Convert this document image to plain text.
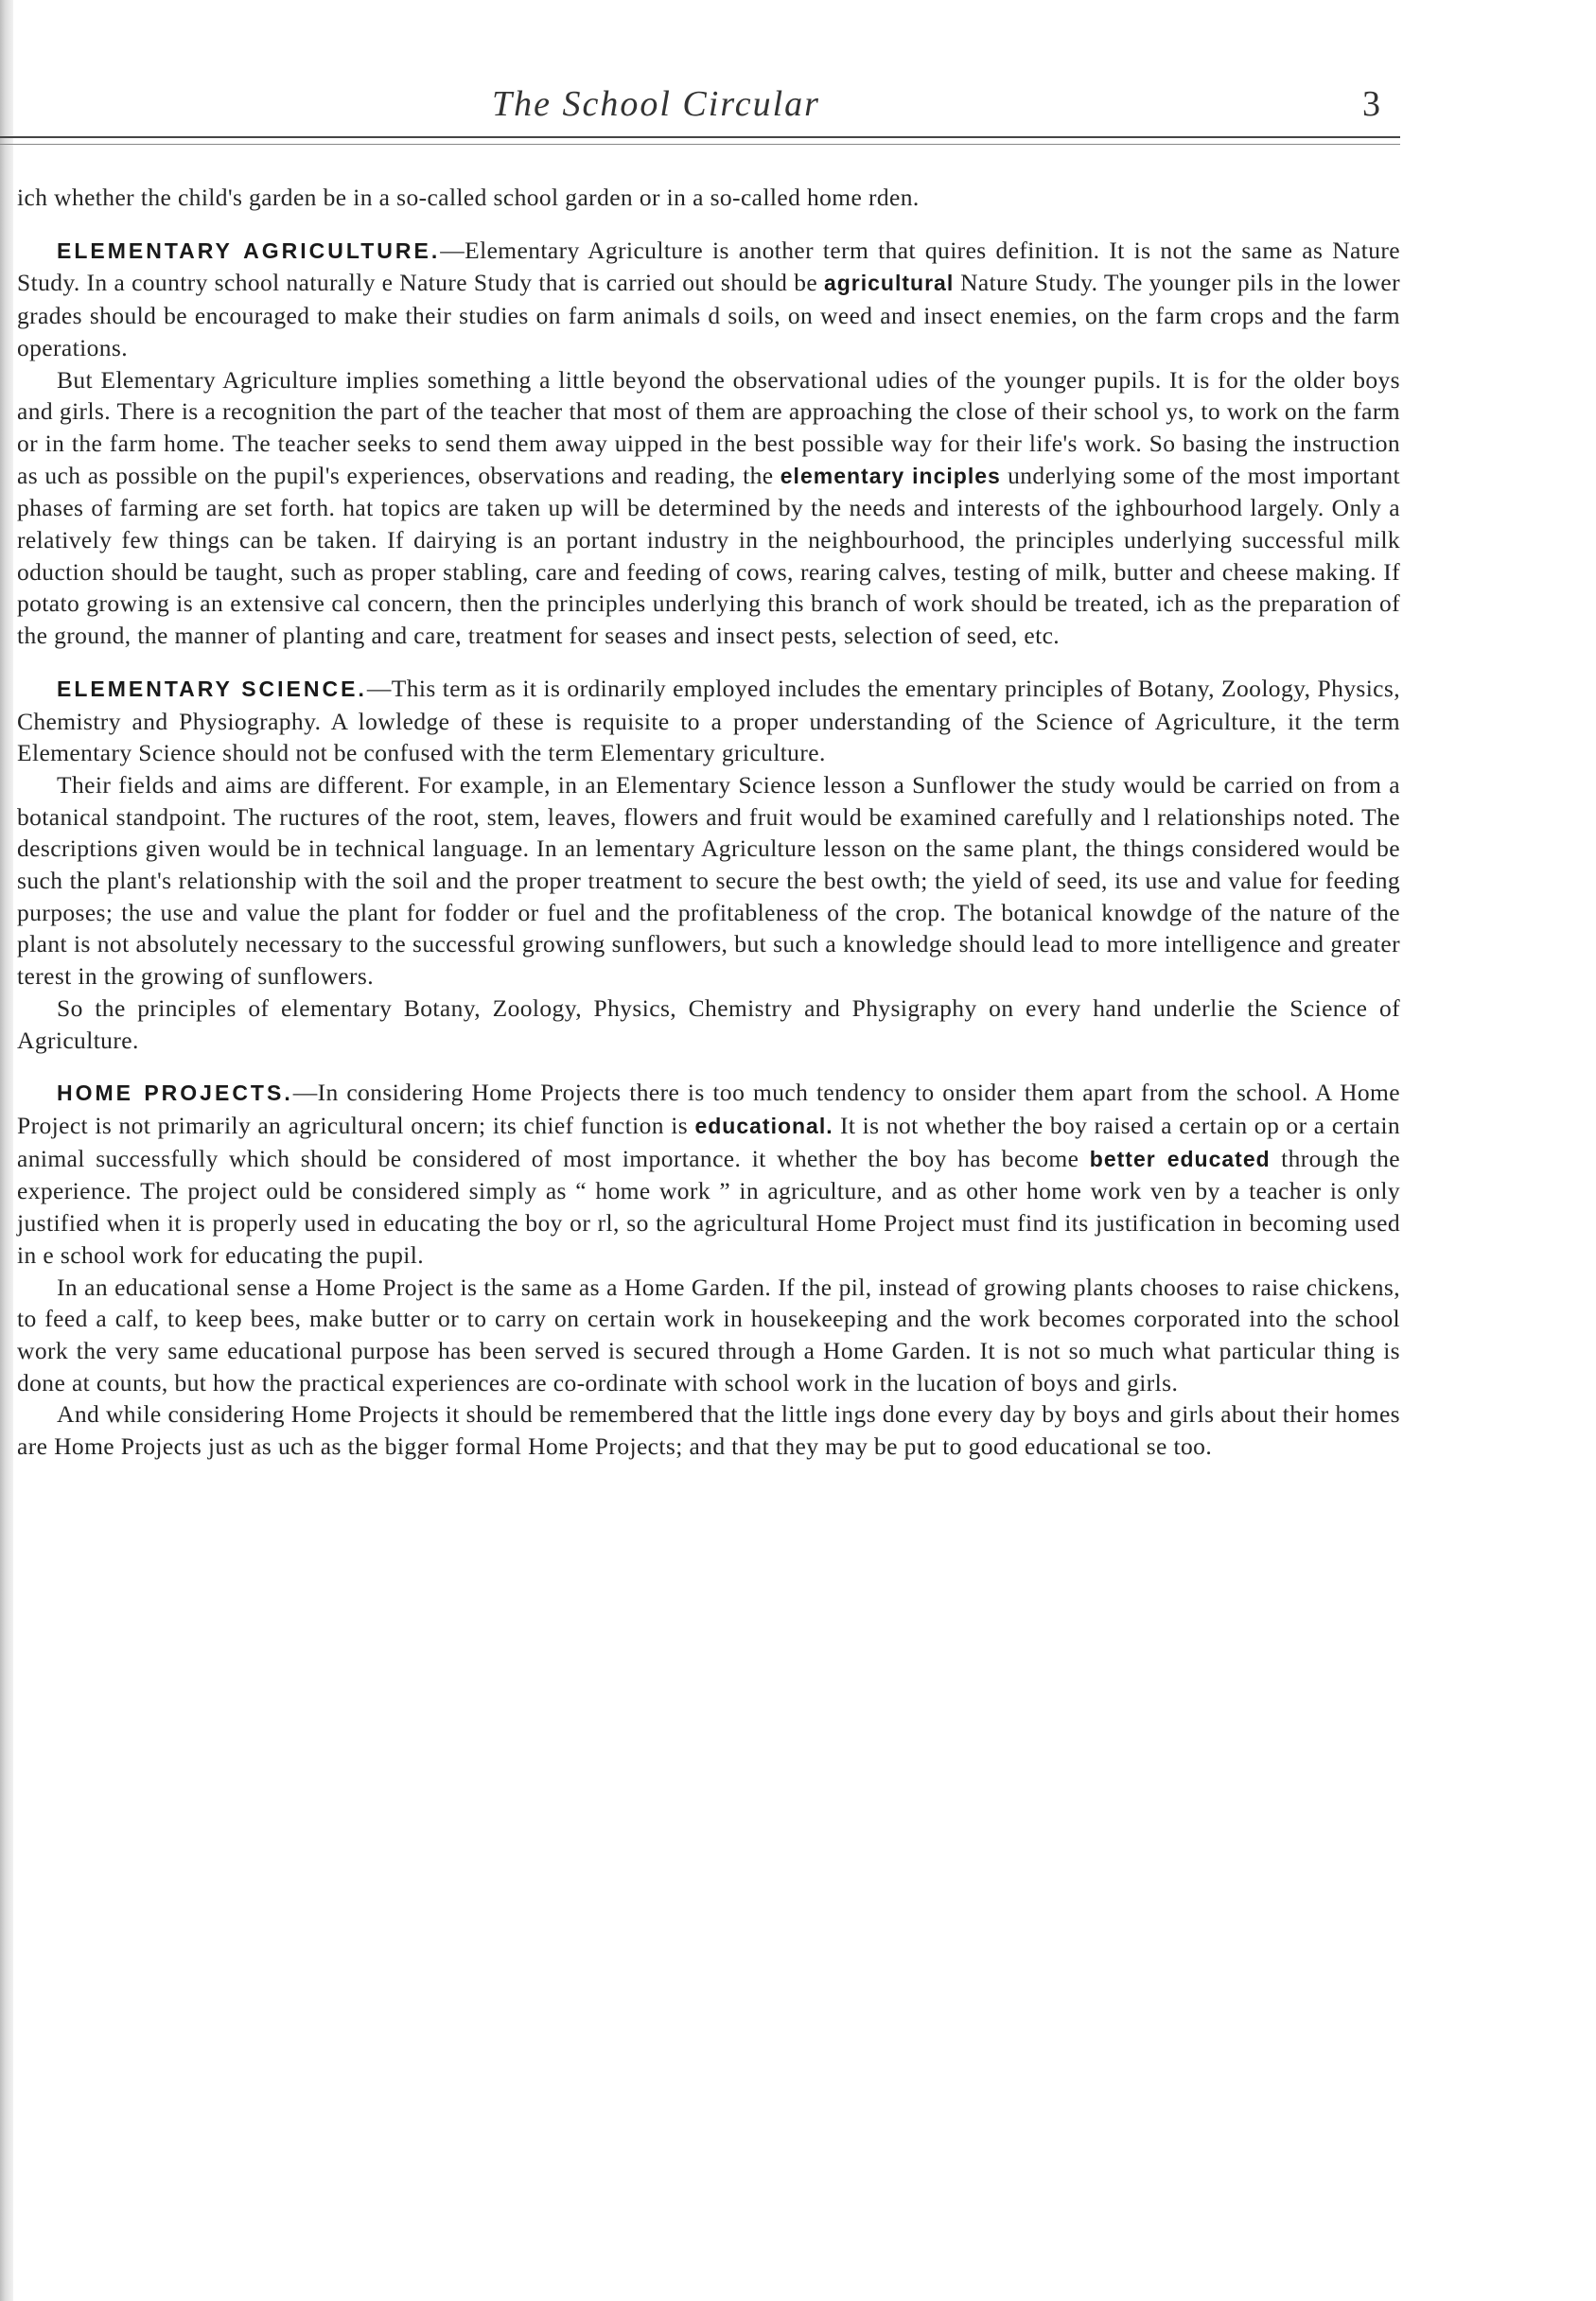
The School Circular	3

ich whether the child's garden be in a so-called school garden or in a so-called home rden.

ELEMENTARY AGRICULTURE.—Elementary Agriculture is another term that quires definition. It is not the same as Nature Study. In a country school naturally e Nature Study that is carried out should be agricultural Nature Study. The younger pils in the lower grades should be encouraged to make their studies on farm animals d soils, on weed and insect enemies, on the farm crops and the farm operations.

But Elementary Agriculture implies something a little beyond the observational udies of the younger pupils. It is for the older boys and girls. There is a recognition the part of the teacher that most of them are approaching the close of their school ys, to work on the farm or in the farm home. The teacher seeks to send them away uipped in the best possible way for their life's work. So basing the instruction as uch as possible on the pupil's experiences, observations and reading, the elementary inciples underlying some of the most important phases of farming are set forth. hat topics are taken up will be determined by the needs and interests of the ighbourhood largely. Only a relatively few things can be taken. If dairying is an portant industry in the neighbourhood, the principles underlying successful milk oduction should be taught, such as proper stabling, care and feeding of cows, rearing calves, testing of milk, butter and cheese making. If potato growing is an extensive cal concern, then the principles underlying this branch of work should be treated, ich as the preparation of the ground, the manner of planting and care, treatment for seases and insect pests, selection of seed, etc.

ELEMENTARY SCIENCE.—This term as it is ordinarily employed includes the ementary principles of Botany, Zoology, Physics, Chemistry and Physiography. A lowledge of these is requisite to a proper understanding of the Science of Agriculture, it the term Elementary Science should not be confused with the term Elementary griculture.

Their fields and aims are different. For example, in an Elementary Science lesson a Sunflower the study would be carried on from a botanical standpoint. The ructures of the root, stem, leaves, flowers and fruit would be examined carefully and l relationships noted. The descriptions given would be in technical language. In an lementary Agriculture lesson on the same plant, the things considered would be such the plant's relationship with the soil and the proper treatment to secure the best owth; the yield of seed, its use and value for feeding purposes; the use and value the plant for fodder or fuel and the profitableness of the crop. The botanical knowdge of the nature of the plant is not absolutely necessary to the successful growing sunflowers, but such a knowledge should lead to more intelligence and greater terest in the growing of sunflowers.

So the principles of elementary Botany, Zoology, Physics, Chemistry and Physigraphy on every hand underlie the Science of Agriculture.

HOME PROJECTS.—In considering Home Projects there is too much tendency to onsider them apart from the school. A Home Project is not primarily an agricultural oncern; its chief function is educational. It is not whether the boy raised a certain op or a certain animal successfully which should be considered of most importance. it whether the boy has become better educated through the experience. The project ould be considered simply as “ home work ” in agriculture, and as other home work ven by a teacher is only justified when it is properly used in educating the boy or rl, so the agricultural Home Project must find its justification in becoming used in e school work for educating the pupil.

In an educational sense a Home Project is the same as a Home Garden. If the pil, instead of growing plants chooses to raise chickens, to feed a calf, to keep bees, make butter or to carry on certain work in housekeeping and the work becomes corporated into the school work the very same educational purpose has been served is secured through a Home Garden. It is not so much what particular thing is done at counts, but how the practical experiences are co-ordinate with school work in the lucation of boys and girls.

And while considering Home Projects it should be remembered that the little ings done every day by boys and girls about their homes are Home Projects just as uch as the bigger formal Home Projects; and that they may be put to good educational se too.
